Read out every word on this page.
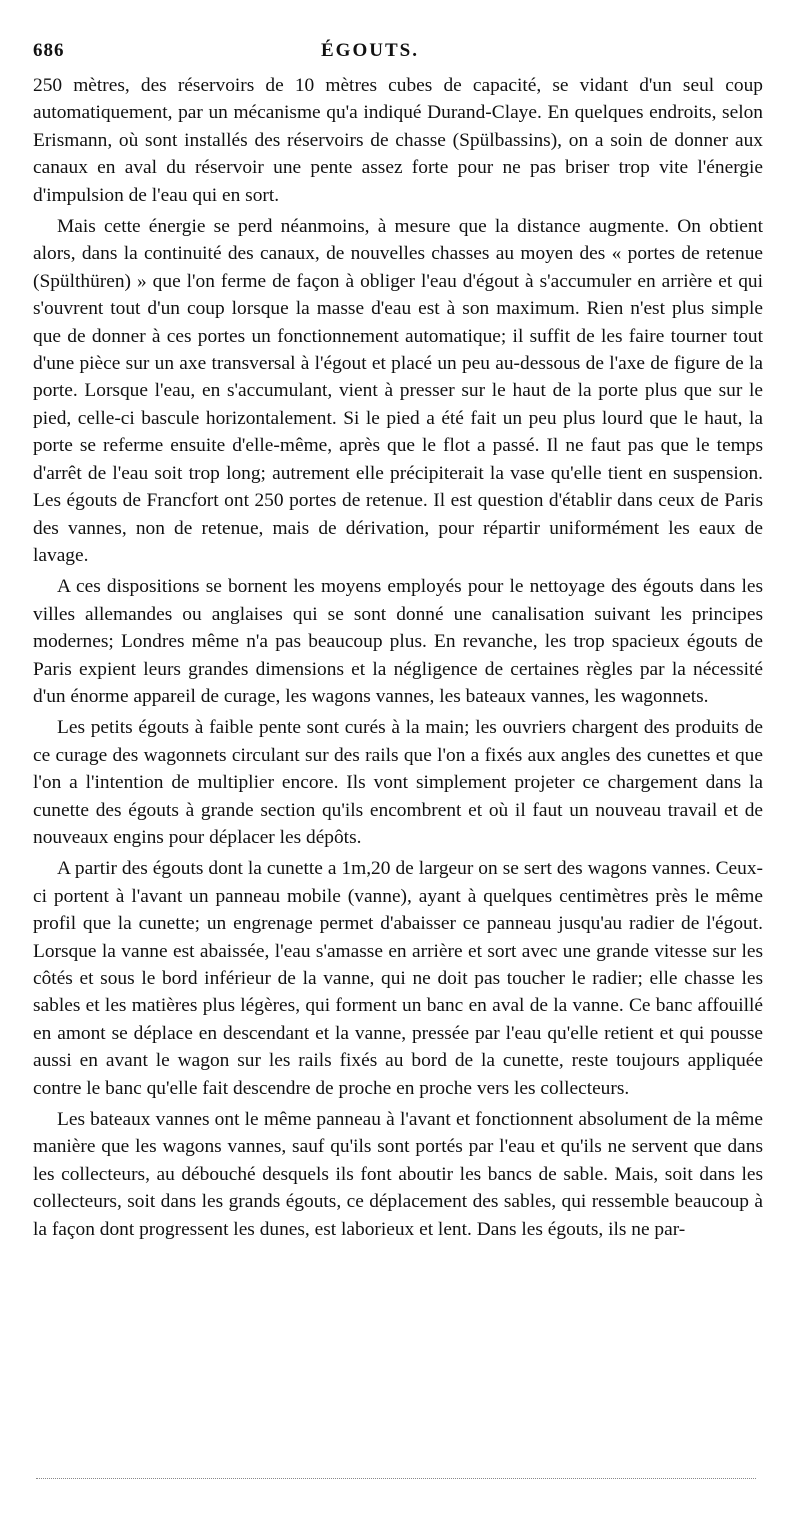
686	ÉGOUTS.

250 mètres, des réservoirs de 10 mètres cubes de capacité, se vidant d'un seul coup automatiquement, par un mécanisme qu'a indiqué Durand-Claye. En quelques endroits, selon Erismann, où sont installés des réservoirs de chasse (Spülbassins), on a soin de donner aux canaux en aval du réservoir une pente assez forte pour ne pas briser trop vite l'énergie d'impulsion de l'eau qui en sort.

Mais cette énergie se perd néanmoins, à mesure que la distance augmente. On obtient alors, dans la continuité des canaux, de nouvelles chasses au moyen des « portes de retenue (Spülthüren) » que l'on ferme de façon à obliger l'eau d'égout à s'accumuler en arrière et qui s'ouvrent tout d'un coup lorsque la masse d'eau est à son maximum. Rien n'est plus simple que de donner à ces portes un fonctionnement automatique; il suffit de les faire tourner tout d'une pièce sur un axe transversal à l'égout et placé un peu au-dessous de l'axe de figure de la porte. Lorsque l'eau, en s'accumulant, vient à presser sur le haut de la porte plus que sur le pied, celle-ci bascule horizontalement. Si le pied a été fait un peu plus lourd que le haut, la porte se referme ensuite d'elle-même, après que le flot a passé. Il ne faut pas que le temps d'arrêt de l'eau soit trop long; autrement elle précipiterait la vase qu'elle tient en suspension. Les égouts de Francfort ont 250 portes de retenue. Il est question d'établir dans ceux de Paris des vannes, non de retenue, mais de dérivation, pour répartir uniformément les eaux de lavage.

A ces dispositions se bornent les moyens employés pour le nettoyage des égouts dans les villes allemandes ou anglaises qui se sont donné une canalisation suivant les principes modernes; Londres même n'a pas beaucoup plus. En revanche, les trop spacieux égouts de Paris expient leurs grandes dimensions et la négligence de certaines règles par la nécessité d'un énorme appareil de curage, les wagons vannes, les bateaux vannes, les wagonnets.

Les petits égouts à faible pente sont curés à la main; les ouvriers chargent des produits de ce curage des wagonnets circulant sur des rails que l'on a fixés aux angles des cunettes et que l'on a l'intention de multiplier encore. Ils vont simplement projeter ce chargement dans la cunette des égouts à grande section qu'ils encombrent et où il faut un nouveau travail et de nouveaux engins pour déplacer les dépôts.

A partir des égouts dont la cunette a 1m,20 de largeur on se sert des wagons vannes. Ceux-ci portent à l'avant un panneau mobile (vanne), ayant à quelques centimètres près le même profil que la cunette; un engrenage permet d'abaisser ce panneau jusqu'au radier de l'égout. Lorsque la vanne est abaissée, l'eau s'amasse en arrière et sort avec une grande vitesse sur les côtés et sous le bord inférieur de la vanne, qui ne doit pas toucher le radier; elle chasse les sables et les matières plus légères, qui forment un banc en aval de la vanne. Ce banc affouillé en amont se déplace en descendant et la vanne, pressée par l'eau qu'elle retient et qui pousse aussi en avant le wagon sur les rails fixés au bord de la cunette, reste toujours appliquée contre le banc qu'elle fait descendre de proche en proche vers les collecteurs.

Les bateaux vannes ont le même panneau à l'avant et fonctionnent absolument de la même manière que les wagons vannes, sauf qu'ils sont portés par l'eau et qu'ils ne servent que dans les collecteurs, au débouché desquels ils font aboutir les bancs de sable. Mais, soit dans les collecteurs, soit dans les grands égouts, ce déplacement des sables, qui ressemble beaucoup à la façon dont progressent les dunes, est laborieux et lent. Dans les égouts, ils ne par-
